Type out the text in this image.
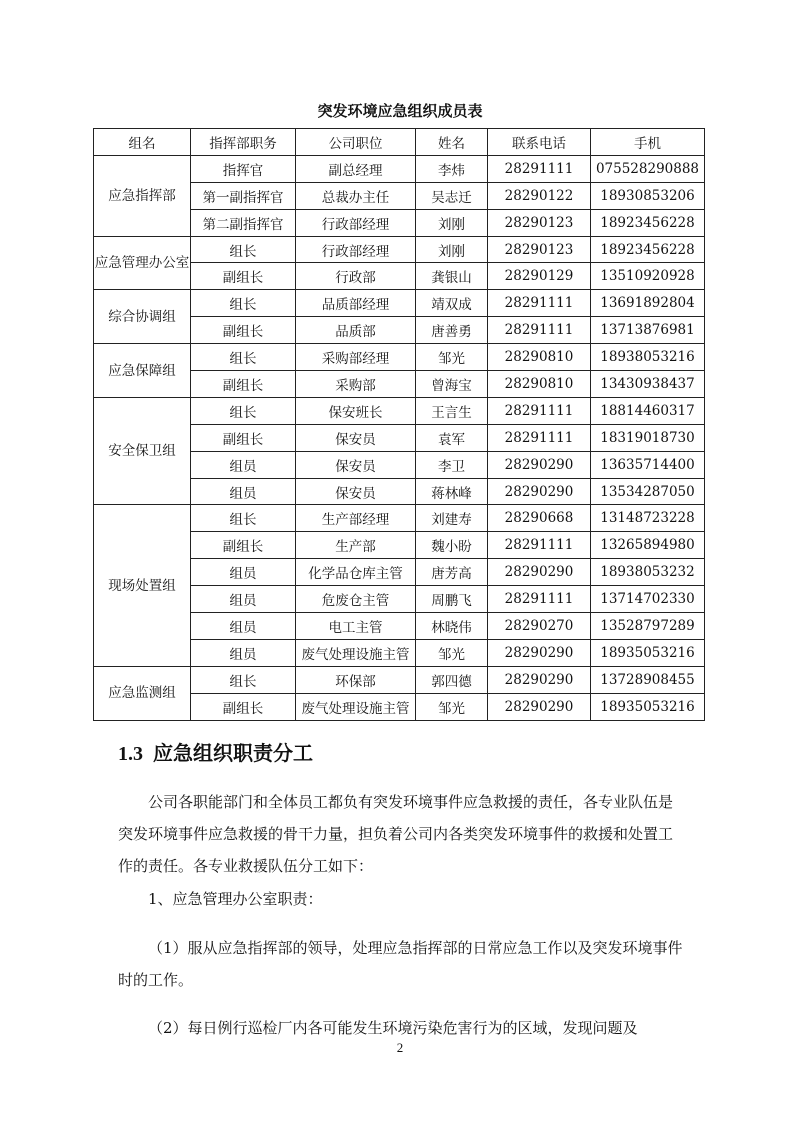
突发环境应急组织成员表
组名	指挥部职务	公司职位	姓名	联系电话	手机
应急指挥部	指挥官	副总经理	李炜	28291111	075528290888
	第一副指挥官	总裁办主任	吴志迁	28290122	18930853206
	第二副指挥官	行政部经理	刘刚	28290123	18923456228
应急管理办公室	组长	行政部经理	刘刚	28290123	18923456228
	副组长	行政部	龚银山	28290129	13510920928
综合协调组	组长	品质部经理	靖双成	28291111	13691892804
	副组长	品质部	唐善勇	28291111	13713876981
应急保障组	组长	采购部经理	邹光	28290810	18938053216
	副组长	采购部	曾海宝	28290810	13430938437
安全保卫组	组长	保安班长	王言生	28291111	18814460317
	副组长	保安员	袁军	28291111	18319018730
	组员	保安员	李卫	28290290	13635714400
	组员	保安员	蒋林峰	28290290	13534287050
现场处置组	组长	生产部经理	刘建寿	28290668	13148723228
	副组长	生产部	魏小盼	28291111	13265894980
	组员	化学品仓库主管	唐芳高	28290290	18938053232
	组员	危废仓主管	周鹏飞	28291111	13714702330
	组员	电工主管	林晓伟	28290270	13528797289
	组员	废气处理设施主管	邹光	28290290	18935053216
应急监测组	组长	环保部	郭四德	28290290	13728908455
	副组长	废气处理设施主管	邹光	28290290	18935053216
1.3 应急组织职责分工
公司各职能部门和全体员工都负有突发环境事件应急救援的责任，各专业队伍是突发环境事件应急救援的骨干力量，担负着公司内各类突发环境事件的救援和处置工作的责任。各专业救援队伍分工如下：
1、应急管理办公室职责：
（1）服从应急指挥部的领导，处理应急指挥部的日常应急工作以及突发环境事件时的工作。
（2）每日例行巡检厂内各可能发生环境污染危害行为的区域，发现问题及
2
